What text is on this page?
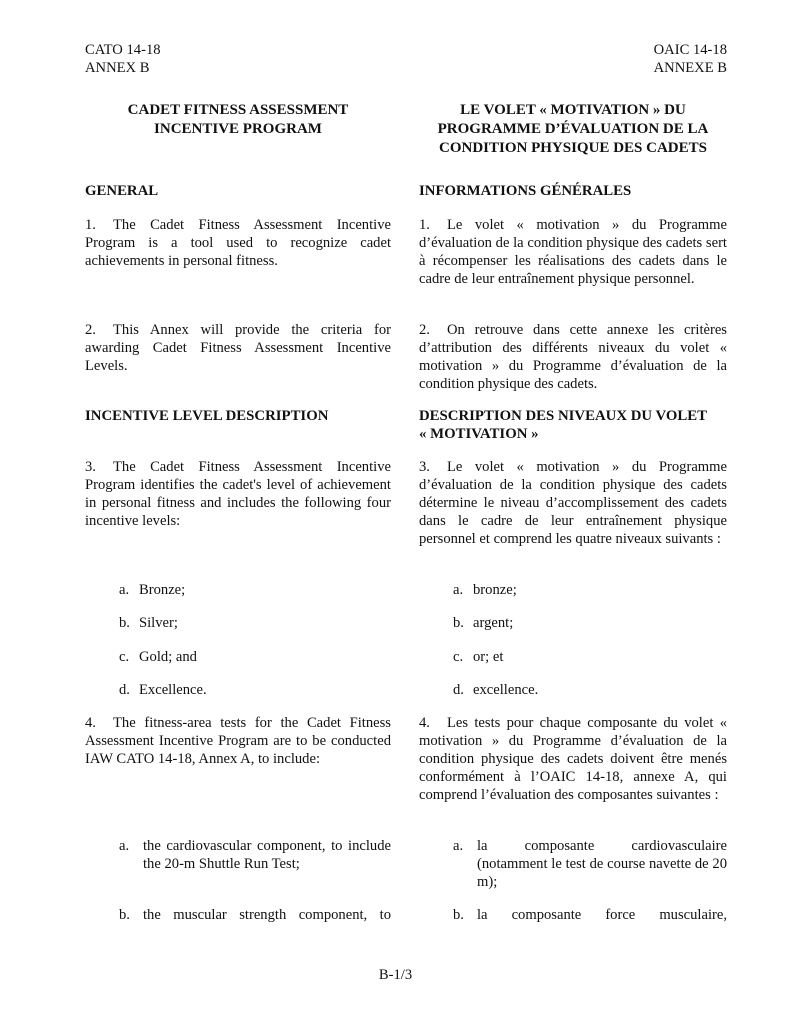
CATO 14-18
ANNEX B
OAIC 14-18
ANNEXE B
CADET FITNESS ASSESSMENT
INCENTIVE PROGRAM
LE VOLET « MOTIVATION » DU
PROGRAMME D’ÉVALUATION DE LA
CONDITION PHYSIQUE DES CADETS
GENERAL	INFORMATIONS GÉNÉRALES
1. The Cadet Fitness Assessment Incentive Program is a tool used to recognize cadet achievements in personal fitness.
1. Le volet « motivation » du Programme d’évaluation de la condition physique des cadets sert à récompenser les réalisations des cadets dans le cadre de leur entraînement physique personnel.
2. This Annex will provide the criteria for awarding Cadet Fitness Assessment Incentive Levels.
2. On retrouve dans cette annexe les critères d’attribution des différents niveaux du volet « motivation » du Programme d’évaluation de la condition physique des cadets.
INCENTIVE LEVEL DESCRIPTION	DESCRIPTION DES NIVEAUX DU VOLET
« MOTIVATION »
3. The Cadet Fitness Assessment Incentive Program identifies the cadet's level of achievement in personal fitness and includes the following four incentive levels:
3. Le volet « motivation » du Programme d’évaluation de la condition physique des cadets détermine le niveau d’accomplissement des cadets dans le cadre de leur entraînement physique personnel et comprend les quatre niveaux suivants :
a. Bronze;
b. Silver;
c. Gold; and
d. Excellence.
a. bronze;
b. argent;
c. or; et
d. excellence.
4. The fitness-area tests for the Cadet Fitness Assessment Incentive Program are to be conducted IAW CATO 14-18, Annex A, to include:
4. Les tests pour chaque composante du volet « motivation » du Programme d’évaluation de la condition physique des cadets doivent être menés conformément à l’OAIC 14-18, annexe A, qui comprend l’évaluation des composantes suivantes :
a. the cardiovascular component, to include the 20-m Shuttle Run Test;
b. the muscular strength component, to
a. la composante cardiovasculaire (notamment le test de course navette de 20 m);
b. la composante force musculaire,
B-1/3
